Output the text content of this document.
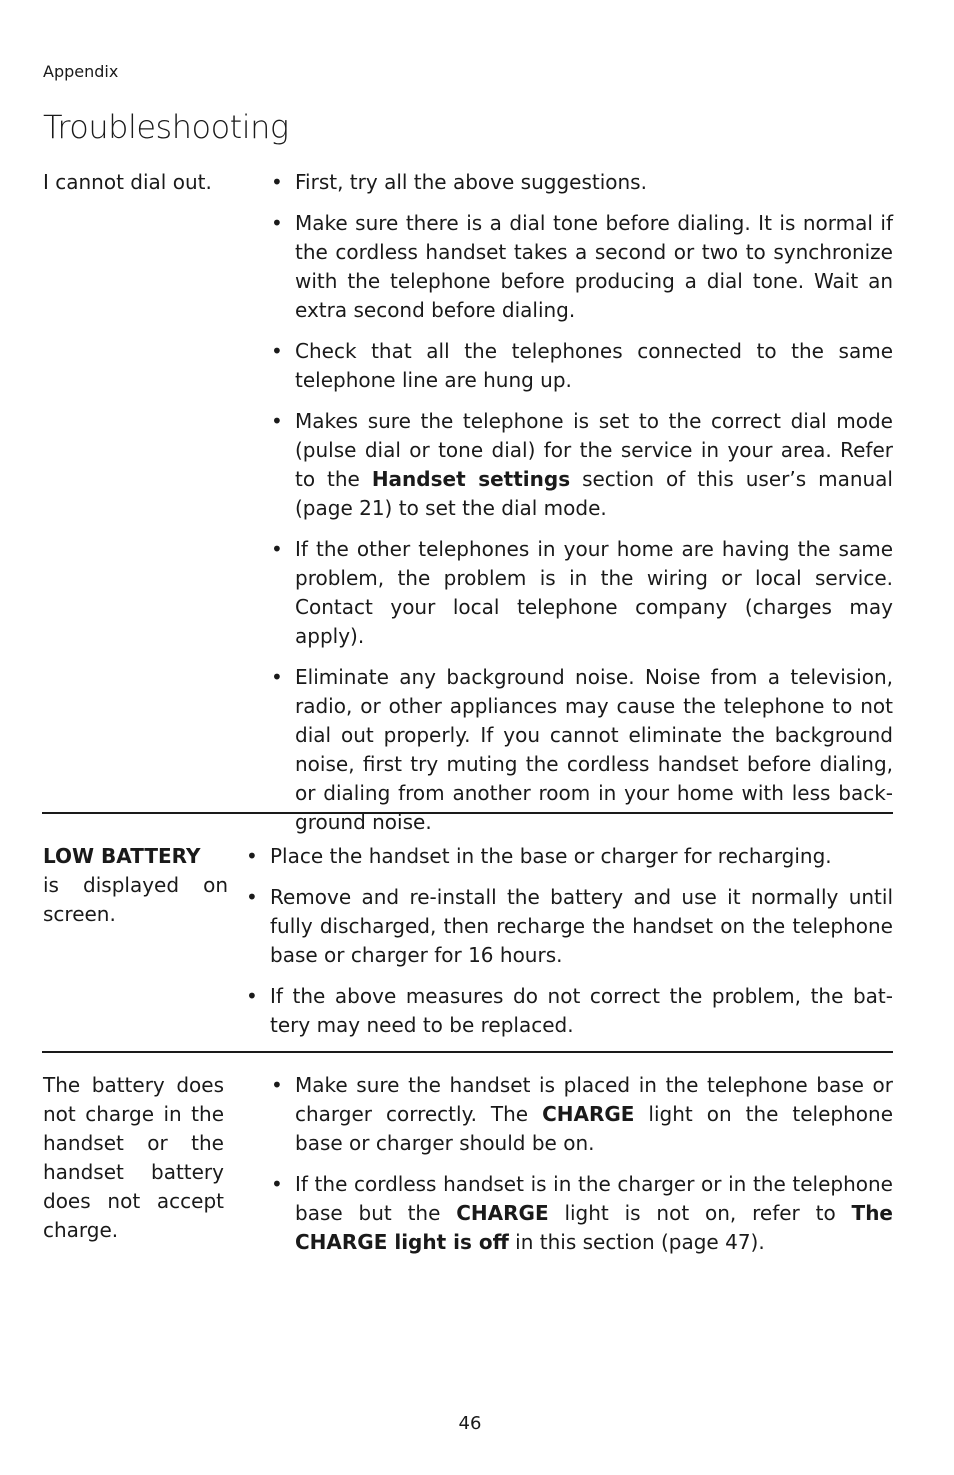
Appendix
Troubleshooting
I cannot dial out.
•	First, try all the above suggestions.
• Make sure there is a dial tone before dialing. It is normal if the cordless handset takes a second or two to synchronize with the telephone before producing a dial tone. Wait an extra second before dialing.
• Check that all the telephones connected to the same telephone line are hung up.
• Makes sure the telephone is set to the correct dial mode (pulse dial or tone dial) for the service in your area. Refer to the Handset settings section of this user’s manual (page 21) to set the dial mode.
• If the other telephones in your home are having the same problem, the problem is in the wiring or local service. Contact your local telephone company (charges may apply).
• Eliminate any background noise. Noise from a television, radio, or other appliances may cause the telephone to not dial out properly. If you cannot eliminate the background noise, first try muting the cordless handset before dialing, or dialing from another room in your home with less back-ground noise.
LOW BATTERY
is displayed on screen.
• Place the handset in the base or charger for recharging.
• Remove and re-install the battery and use it normally until fully discharged, then recharge the handset on the telephone base or charger for 16 hours.
• If the above measures do not correct the problem, the bat-tery may need to be replaced.
The battery does not charge in the handset or the handset battery does not accept charge.
• Make sure the handset is placed in the telephone base or charger correctly. The CHARGE light on the telephone base or charger should be on.
• If the cordless handset is in the charger or in the telephone base but the CHARGE light is not on, refer to The CHARGE light is off in this section (page 47).
46
